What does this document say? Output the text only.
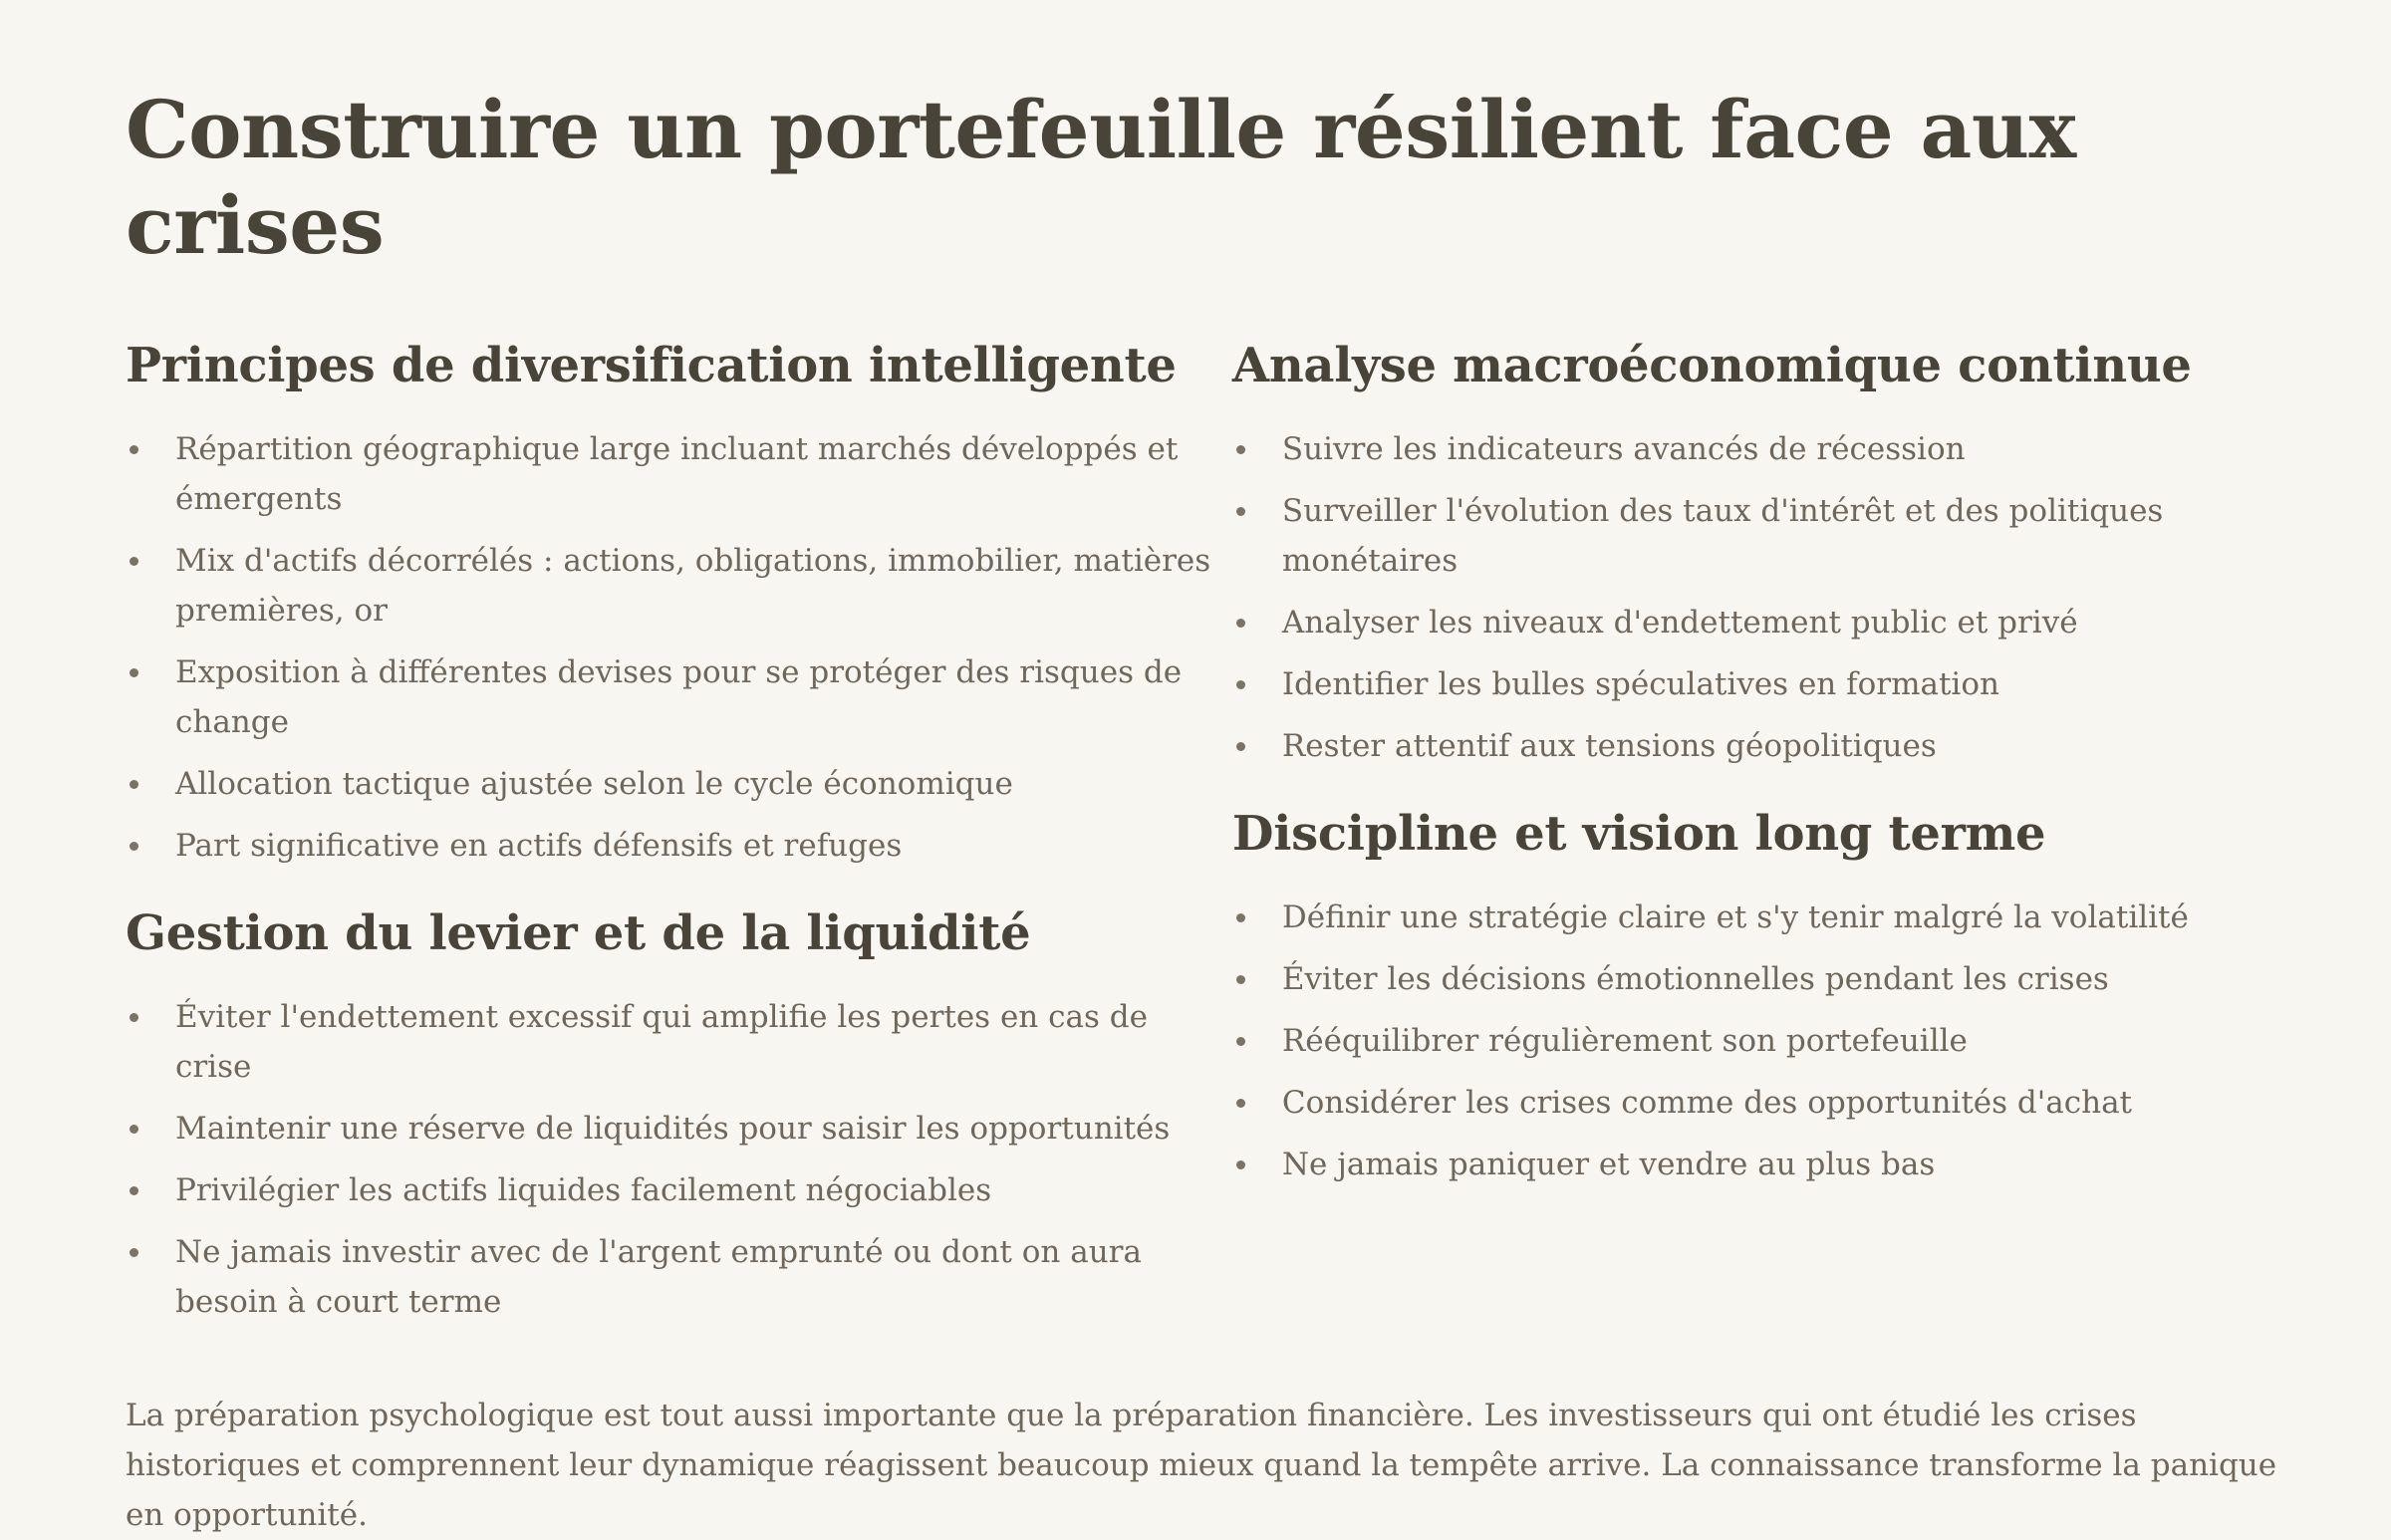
Construire un portefeuille résilient face aux crises
Principes de diversification intelligente
Répartition géographique large incluant marchés développés et émergents
Mix d'actifs décorrélés : actions, obligations, immobilier, matières premières, or
Exposition à différentes devises pour se protéger des risques de change
Allocation tactique ajustée selon le cycle économique
Part significative en actifs défensifs et refuges
Gestion du levier et de la liquidité
Éviter l'endettement excessif qui amplifie les pertes en cas de crise
Maintenir une réserve de liquidités pour saisir les opportunités
Privilégier les actifs liquides facilement négociables
Ne jamais investir avec de l'argent emprunté ou dont on aura besoin à court terme
Analyse macroéconomique continue
Suivre les indicateurs avancés de récession
Surveiller l'évolution des taux d'intérêt et des politiques monétaires
Analyser les niveaux d'endettement public et privé
Identifier les bulles spéculatives en formation
Rester attentif aux tensions géopolitiques
Discipline et vision long terme
Définir une stratégie claire et s'y tenir malgré la volatilité
Éviter les décisions émotionnelles pendant les crises
Rééquilibrer régulièrement son portefeuille
Considérer les crises comme des opportunités d'achat
Ne jamais paniquer et vendre au plus bas

La préparation psychologique est tout aussi importante que la préparation financière. Les investisseurs qui ont étudié les crises historiques et comprennent leur dynamique réagissent beaucoup mieux quand la tempête arrive. La connaissance transforme la panique en opportunité.
